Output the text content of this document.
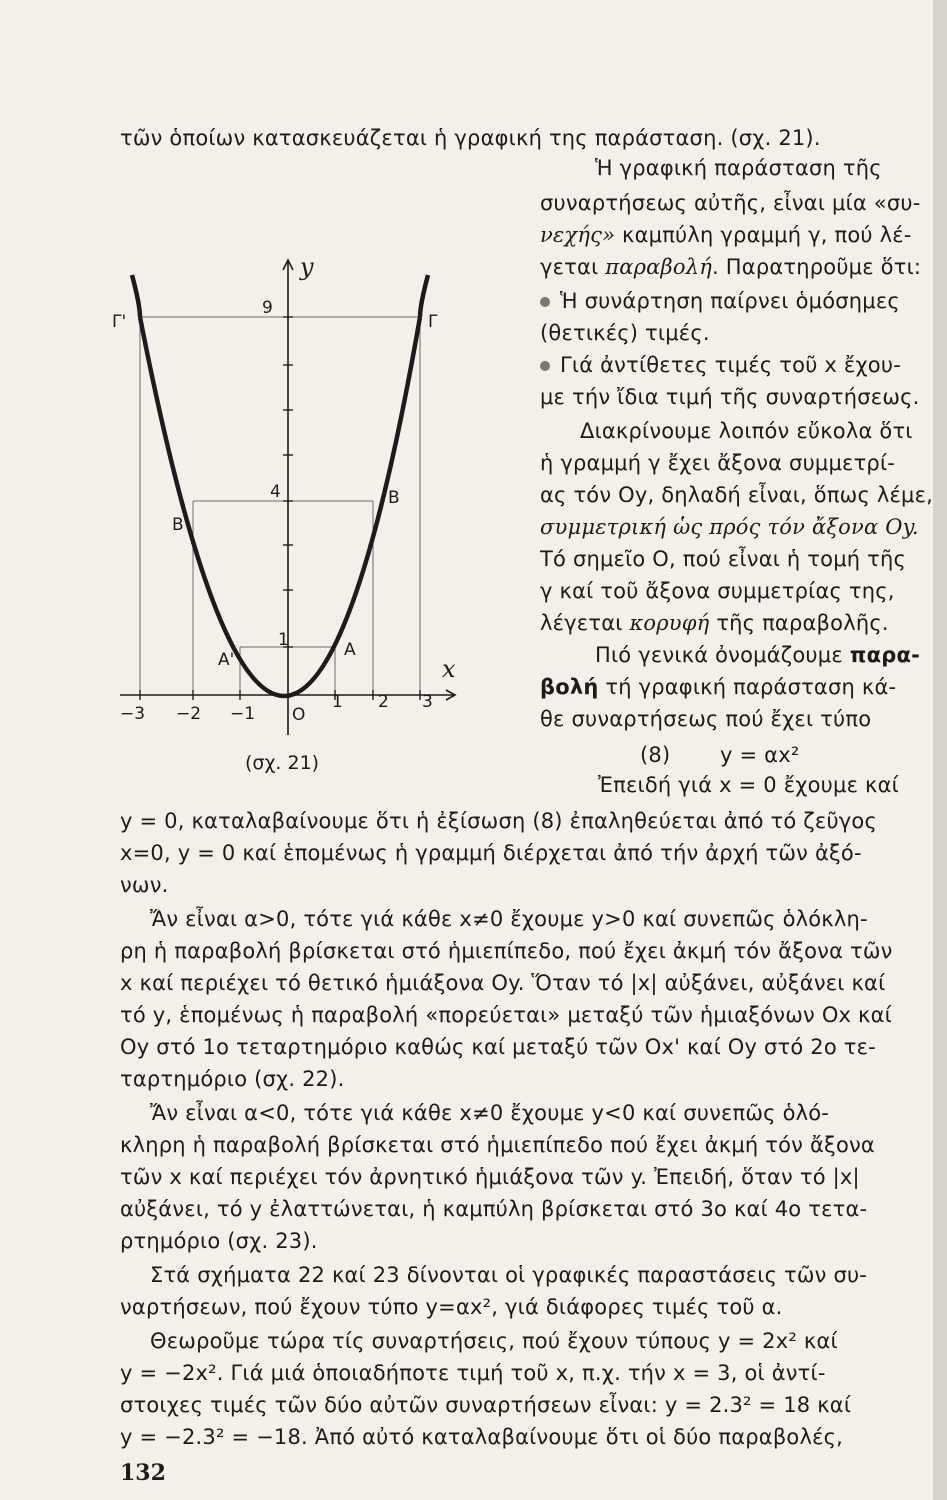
τῶν ὁποίων κατασκευάζεται ἡ γραφική της παράσταση. (σχ. 21).
Ἡ γραφική παράσταση τῆς
συναρτήσεως αὐτῆς, εἶναι μία «συ-
νεχής» καμπύλη γραμμή γ, πού λέ-
γεται παραβολή. Παρατηροῦμε ὅτι:
Ἡ συνάρτηση παίρνει ὁμόσημες
(θετικές) τιμές.
Γιά ἀντίθετες τιμές τοῦ x ἔχου-
με τήν ἴδια τιμή τῆς συναρτήσεως.
Διακρίνουμε λοιπόν εὔκολα ὅτι
ἡ γραμμή γ ἔχει ἄξονα συμμετρί-
ας τόν Oy, δηλαδή εἶναι, ὅπως λέμε,
συμμετρική ὡς πρός τόν ἄξονα Oy.
Τό σημεῖο O, πού εἶναι ἡ τομή τῆς
γ καί τοῦ ἄξονα συμμετρίας της,
λέγεται κορυφή τῆς παραβολῆς.
Πιό γενικά ὀνομάζουμε παρα-
βολή τή γραφική παράσταση κά-
θε συναρτήσεως πού ἔχει τύπο
(8) y = αx²
Ἐπειδή γιά x = 0 ἔχουμε καί
y = 0, καταλαβαίνουμε ὅτι ἡ ἐξίσωση (8) ἐπαληθεύεται ἀπό τό ζεῦγος
x=0, y = 0 καί ἑπομένως ἡ γραμμή διέρχεται ἀπό τήν ἀρχή τῶν ἀξό-
νων.
Ἄν εἶναι α>0, τότε γιά κάθε x≠0 ἔχουμε y>0 καί συνεπῶς ὁλόκλη-
ρη ἡ παραβολή βρίσκεται στό ἡμιεπίπεδο, πού ἔχει ἀκμή τόν ἄξονα τῶν
x καί περιέχει τό θετικό ἡμιάξονα Oy. Ὅταν τό |x| αὐξάνει, αὐξάνει καί
τό y, ἑπομένως ἡ παραβολή «πορεύεται» μεταξύ τῶν ἡμιαξόνων Ox καί
Oy στό 1ο τεταρτημόριο καθώς καί μεταξύ τῶν Ox' καί Oy στό 2ο τε-
ταρτημόριο (σχ. 22).
Ἄν εἶναι α<0, τότε γιά κάθε x≠0 ἔχουμε y<0 καί συνεπῶς ὁλό-
κληρη ἡ παραβολή βρίσκεται στό ἡμιεπίπεδο πού ἔχει ἀκμή τόν ἄξονα
τῶν x καί περιέχει τόν ἀρνητικό ἡμιάξονα τῶν y. Ἐπειδή, ὅταν τό |x|
αὐξάνει, τό y ἐλαττώνεται, ἡ καμπύλη βρίσκεται στό 3ο καί 4ο τετα-
ρτημόριο (σχ. 23).
Στά σχήματα 22 καί 23 δίνονται οἱ γραφικές παραστάσεις τῶν συ-
ναρτήσεων, πού ἔχουν τύπο y=αx², γιά διάφορες τιμές τοῦ α.
Θεωροῦμε τώρα τίς συναρτήσεις, πού ἔχουν τύπους y = 2x² καί
y = −2x². Γιά μιά ὁποιαδήποτε τιμή τοῦ x, π.χ. τήν x = 3, οἱ ἀντί-
στοιχες τιμές τῶν δύο αὐτῶν συναρτήσεων εἶναι: y = 2.3² = 18 καί
y = −2.3² = −18. Ἀπό αὐτό καταλαβαίνουμε ὅτι οἱ δύο παραβολές,
132
y
x
O
9
4
1
−3 −2 −1
1 2 3
Γ'	Γ
Β'
Β
Α'	Α
(σχ. 21)
